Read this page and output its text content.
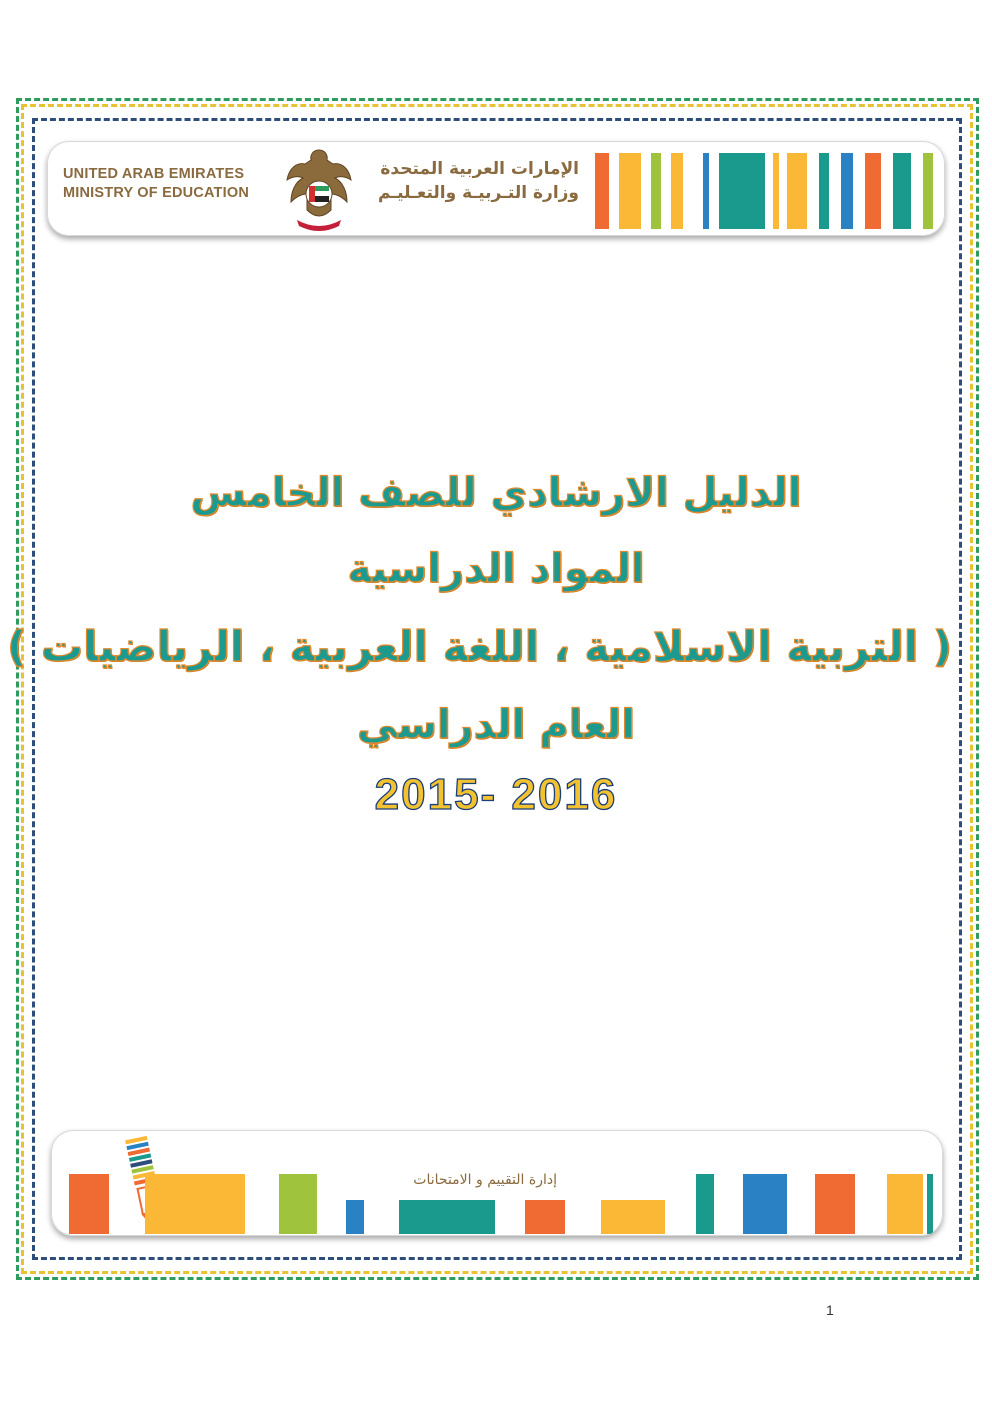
UNITED ARAB EMIRATES
MINISTRY OF EDUCATION
الإمارات العربية المتحدة
وزارة التـربيـة والتعـليـم
الدليل الارشادي للصف الخامس
المواد الدراسية
( التربية الاسلامية ، اللغة العربية ، الرياضيات )
العام الدراسي
2015- 2016
إدارة التقييم و الامتحانات
1
